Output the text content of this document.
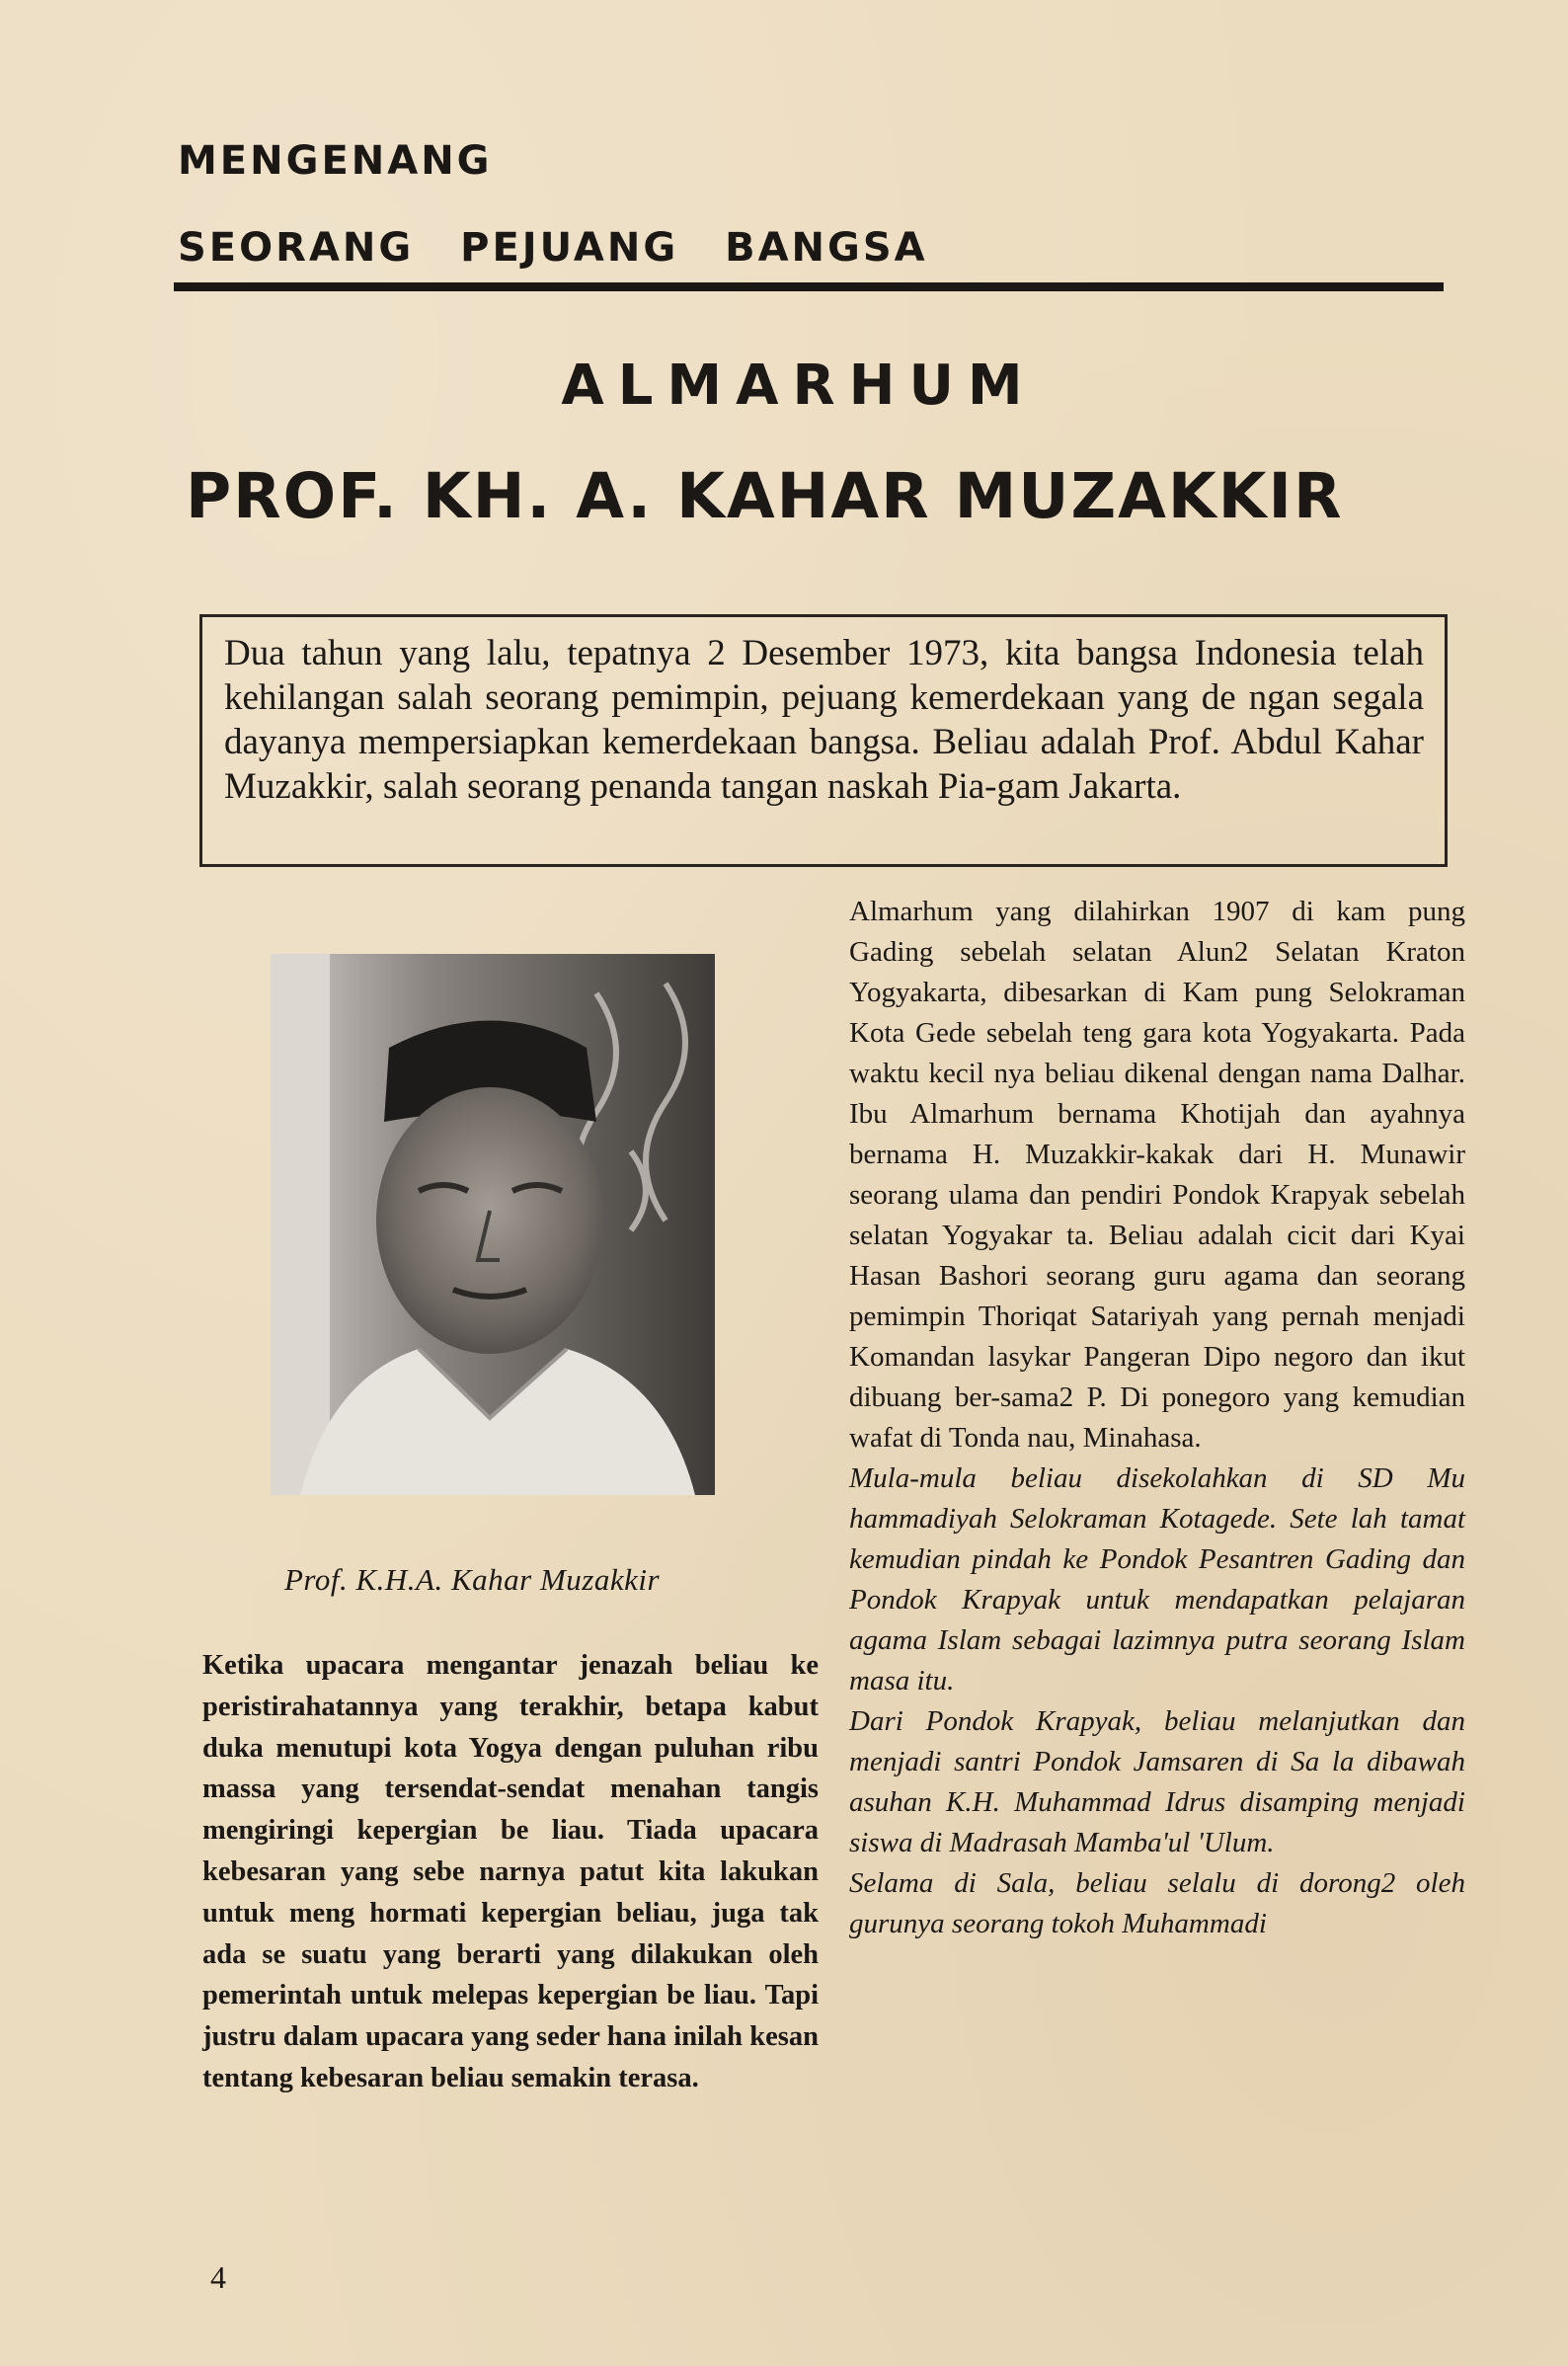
MENGENANG
SEORANG PEJUANG BANGSA
ALMARHUM
PROF. KH. A. KAHAR MUZAKKIR
Dua tahun yang lalu, tepatnya 2 Desember 1973, kita bangsa Indonesia telah kehilangan salah seorang pemimpin, pejuang kemerdekaan yang de ngan segala dayanya mempersiapkan kemerdekaan bangsa. Beliau adalah Prof. Abdul Kahar Muzakkir, salah seorang penanda tangan naskah Pia-gam Jakarta.
Prof. K.H.A. Kahar Muzakkir
Ketika upacara mengantar jenazah beliau ke peristirahatannya yang terakhir, betapa kabut duka menutupi kota Yogya dengan puluhan ribu massa yang tersendat-sendat menahan tangis mengiringi kepergian be liau. Tiada upacara kebesaran yang sebe narnya patut kita lakukan untuk meng hormati kepergian beliau, juga tak ada se suatu yang berarti yang dilakukan oleh pemerintah untuk melepas kepergian be liau. Tapi justru dalam upacara yang seder hana inilah kesan tentang kebesaran beliau semakin terasa.

Almarhum yang dilahirkan 1907 di kam pung Gading sebelah selatan Alun2 Selatan Kraton Yogyakarta, dibesarkan di Kam pung Selokraman Kota Gede sebelah teng gara kota Yogyakarta. Pada waktu kecil nya beliau dikenal dengan nama Dalhar. Ibu Almarhum bernama Khotijah dan ayahnya bernama H. Muzakkir-kakak dari H. Munawir seorang ulama dan pendiri Pondok Krapyak sebelah selatan Yogyakar ta. Beliau adalah cicit dari Kyai Hasan Bashori seorang guru agama dan seorang pemimpin Thoriqat Satariyah yang pernah menjadi Komandan lasykar Pangeran Dipo negoro dan ikut dibuang ber-sama2 P. Di ponegoro yang kemudian wafat di Tonda nau, Minahasa.

Mula-mula beliau disekolahkan di SD Mu hammadiyah Selokraman Kotagede. Sete lah tamat kemudian pindah ke Pondok Pesantren Gading dan Pondok Krapyak untuk mendapatkan pelajaran agama Islam sebagai lazimnya putra seorang Islam masa itu.

Dari Pondok Krapyak, beliau melanjutkan dan menjadi santri Pondok Jamsaren di Sa la dibawah asuhan K.H. Muhammad Idrus disamping menjadi siswa di Madrasah Mamba'ul 'Ulum.

Selama di Sala, beliau selalu di dorong2 oleh gurunya seorang tokoh Muhammadi

4
